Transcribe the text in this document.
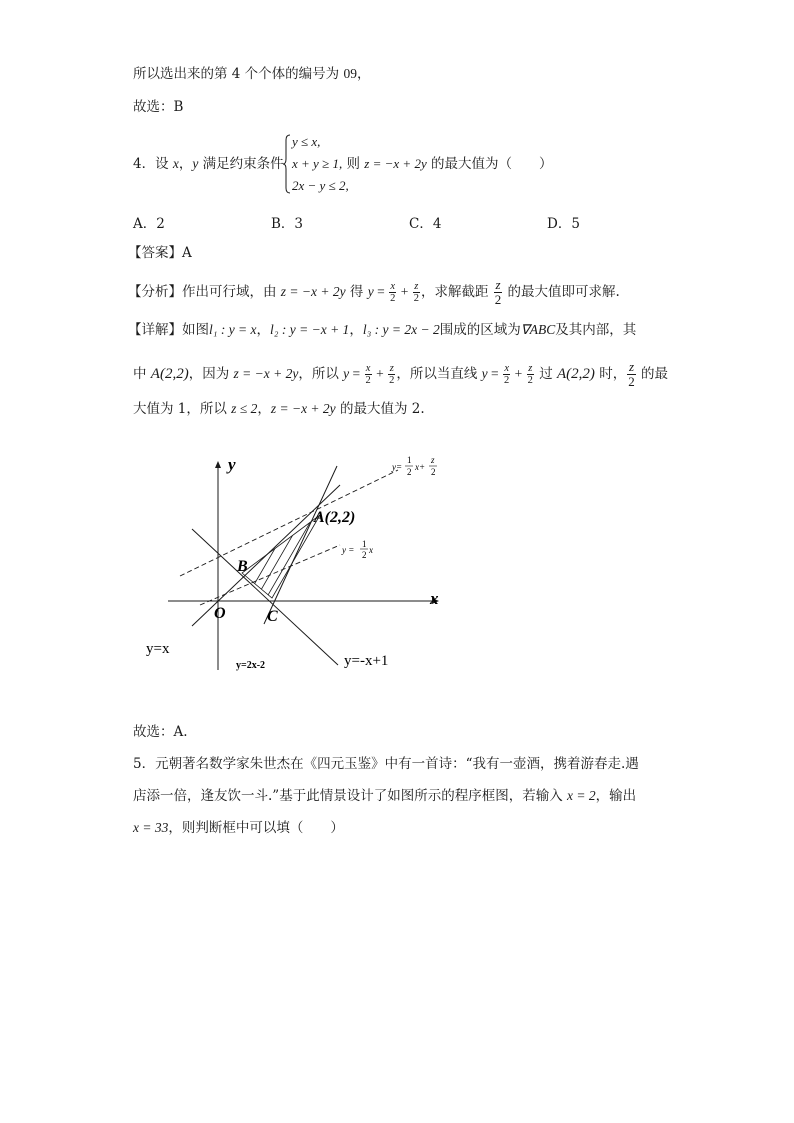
所以选出来的第 4 个个体的编号为 09，
故选：B
4．设 x，y 满足约束条件
y ≤ x,
x + y ≥ 1, 则 z = −x + 2y 的最大值为（　　）
2x − y ≤ 2,
A．2	B．3	C．4	D．5
【答案】A
【分析】作出可行域，由 z = −x + 2y 得 $y = \frac{x}{2} + \frac{z}{2}$ ，求解截距 $\frac{z}{2}$ 的最大值即可求解.
【详解】如图l₁ : y = x，l₂ : y = −x + 1，l₃ : y = 2x − 2围成的区域为∇ABC及其内部，其
中 A(2,2)，因为 z = −x + 2y，所以 $y = \frac{x}{2} + \frac{z}{2}$ ，所以当直线 $y = \frac{x}{2} + \frac{z}{2}$ 过 A(2,2) 时， $\frac{z}{2}$ 的最
大值为 1，所以 z ≤ 2，z = −x + 2y 的最大值为 2.
x
y
O
A(2,2)
B
C
y=x
y=2x-2	y=-x+1
y =
1
2 x
y=
1
2 x+
z
2
故选：A.
5．元朝著名数学家朱世杰在《四元玉鉴》中有一首诗：“我有一壶酒，携着游春走.遇
店添一倍，逢友饮一斗.”基于此情景设计了如图所示的程序框图，若输入 x = 2，输出
x = 33，则判断框中可以填（　　）
